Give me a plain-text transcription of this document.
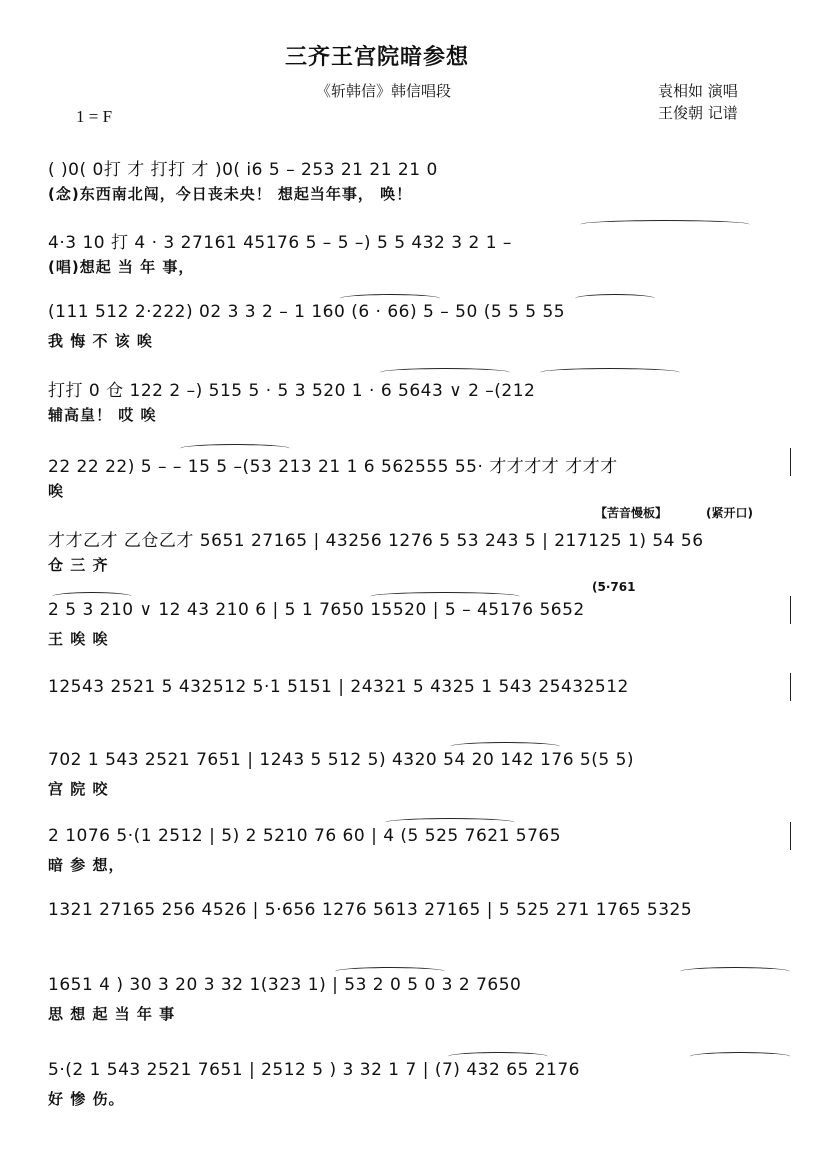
三齐王宫院暗参想
《斩韩信》韩信唱段	袁相如 演唱
王俊朝 记谱
1 = F
( )0( 0打 才 打打 才 )0( i6 5 – 253 21 21 21 0
(念)东西南北闯，今日丧未央！ 想起当年事， 唤！
4·3 10 打 4 · 3 27161 45176 5 – 5 –) 5 5 432 3 2 1 –
(唱)想起 当 年 事，
(111 512 2·222) 02 3 3 2 – 1 160 (6 · 66) 5 – 50 (5 5 5 55
我 悔 不 该 唉
打打 0 仓 122 2 –) 515 5 · 5 3 520 1 · 6 5643 ∨ 2 –(212
辅高皇！ 哎 唉
22 22 22) 5 – – 15 5 –(53 213 21 1 6 562555 55· 才才才才 才才才
唉
【苦音慢板】	(紧开口)
才才乙才 乙仓乙才 5651 27165 | 43256 1276 5 53 243 5 | 217125 1) 54 56
仓 三 齐
(5·761
2 5 3 210 ∨ 12 43 210 6 | 5 1 7650 15520 | 5 – 45176 5652
王 唉 唉
12543 2521 5 432512 5·1 5151 | 24321 5 4325 1 543 25432512
702 1 543 2521 7651 | 1243 5 512 5) 4320 54 20 142 176 5(5 5)
宫 院 咬
2 1076 5·(1 2512 | 5) 2 5210 76 60 | 4 (5 525 7621 5765
暗 参 想，
1321 27165 256 4526 | 5·656 1276 5613 27165 | 5 525 271 1765 5325
1651 4 ) 30 3 20 3 32 1(323 1) | 53 2 0 5 0 3 2 7650
思 想 起 当 年 事
5·(2 1 543 2521 7651 | 2512 5 ) 3 32 1 7 | (7) 432 65 2176
好 惨 伤。
